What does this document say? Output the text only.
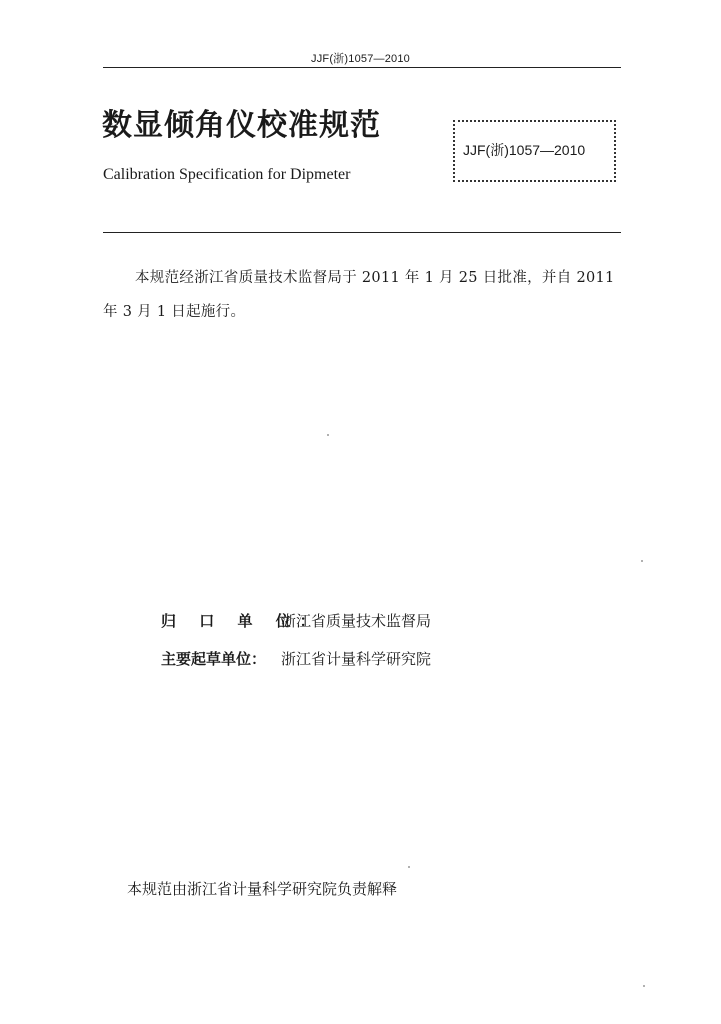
JJF(浙)1057—2010
数显倾角仪校准规范
Calibration Specification for Dipmeter
JJF(浙)1057—2010
本规范经浙江省质量技术监督局于 2011 年 1 月 25 日批准，并自 2011 年 3 月 1 日起施行。
归 口 单 位：浙江省质量技术监督局
主要起草单位： 浙江省计量科学研究院
本规范由浙江省计量科学研究院负责解释
